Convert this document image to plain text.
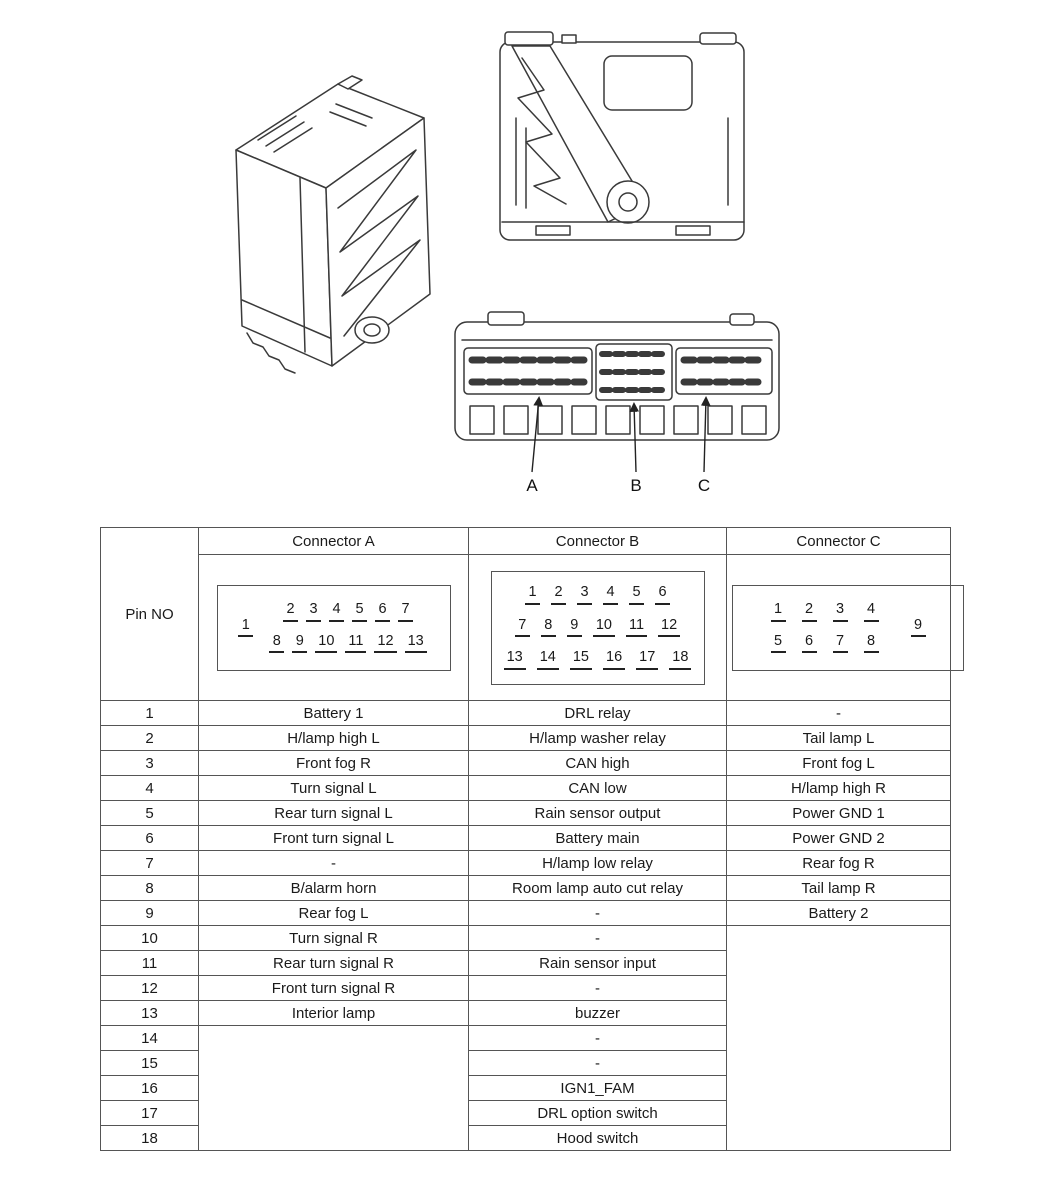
A	B	C
Pin NO	Connector A	Connector B	Connector C

1
2 3 4 5 6 7
8 9 10 11 12 13

1 2 3 4 5 6
7 8 9 10 11 12
13 14 15 16 17 18

1 2 3 4
5 6 7 8
9

1	Battery 1	DRL relay	-
2	H/lamp high L	H/lamp washer relay	Tail lamp L
3	Front fog R	CAN high	Front fog L
4	Turn signal L	CAN low	H/lamp high R
5	Rear turn signal L	Rain sensor output	Power GND 1
6	Front turn signal L	Battery main	Power GND 2
7	-	H/lamp low relay	Rear fog R
8	B/alarm horn	Room lamp auto cut relay	Tail lamp R
9	Rear fog L	-	Battery 2
10	Turn signal R	-	
11	Rear turn signal R	Rain sensor input	
12	Front turn signal R	-	
13	Interior lamp	buzzer	
14		-	
15		-	
16		IGN1_FAM	
17		DRL option switch	
18		Hood switch	
